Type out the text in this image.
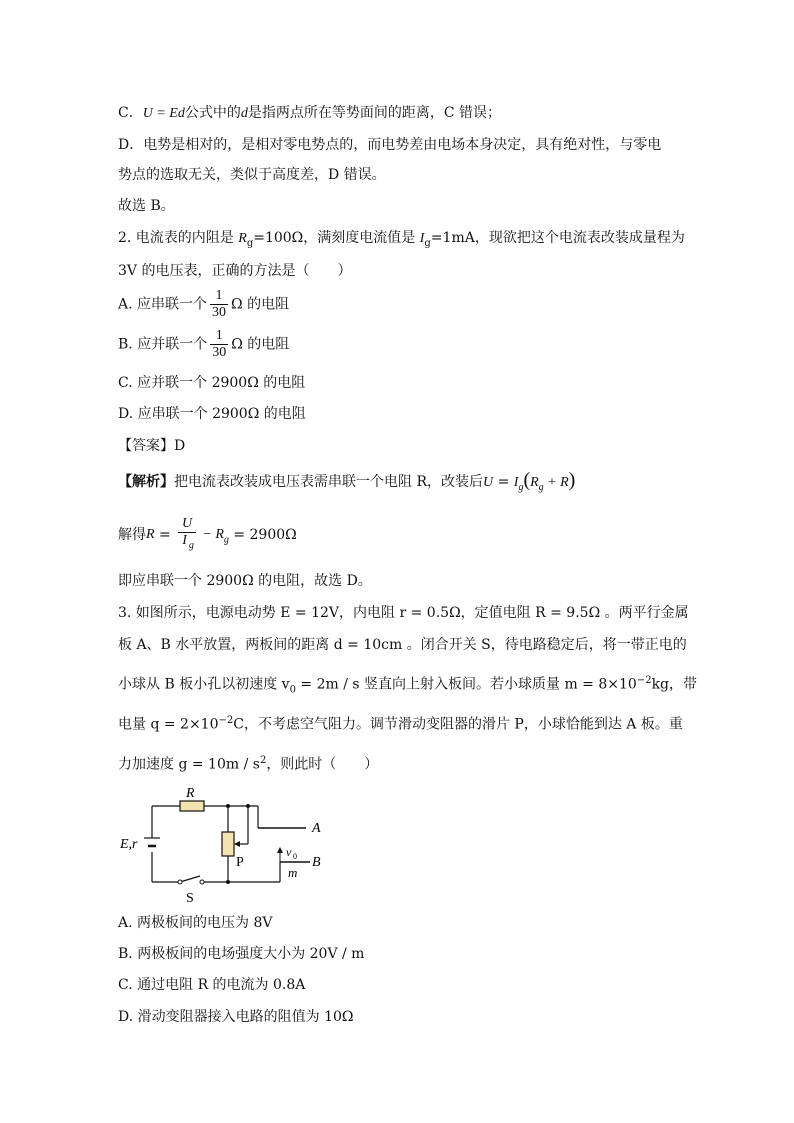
C．U = Ed公式中的d是指两点所在等势面间的距离，C 错误；
D．电势是相对的，是相对零电势点的，而电势差由电场本身决定，具有绝对性，与零电
势点的选取无关，类似于高度差，D 错误。
故选 B。
2. 电流表的内阻是 $R_g=100\Omega$，满刻度电流值是 $I_g=1mA$，现欲把这个电流表改装成量程为
3V 的电压表，正确的方法是（　　）
A. 应串联一个 $\frac{1}{30}$ Ω 的电阻
B. 应并联一个 $\frac{1}{30}$ Ω 的电阻
C. 应并联一个 2900Ω 的电阻
D. 应串联一个 2900Ω 的电阻
【答案】D
【解析】把电流表改装成电压表需串联一个电阻 R，改装后$U = I_g(R_g + R)$
解得$R = \frac{U}{I _g} - R_g = 2900\Omega$
即应串联一个 2900Ω 的电阻，故选 D。
3. 如图所示，电源电动势 E = 12V，内电阻 r = 0.5Ω，定值电阻 R = 9.5Ω 。两平行金属
板 A、B 水平放置，两板间的距离 d = 10cm 。闭合开关 S，待电路稳定后，将一带正电的
小球从 B 板小孔以初速度 $v_0 = 2m / s$ 竖直向上射入板间。若小球质量 $m = 8\times 10^{-2}kg$，带
电量 $q = 2\times 10^{-2}C$，不考虑空气阻力。调节滑动变阻器的滑片 P，小球恰能到达 A 板。重
力加速度 $g = 10m / s^2$，则此时（　　）
R
E,r
P
A
B
v 0
m
S
A. 两极板间的电压为 8V
B. 两极板间的电场强度大小为 20V / m
C. 通过电阻 R 的电流为 0.8A
D. 滑动变阻器接入电路的阻值为 10Ω
